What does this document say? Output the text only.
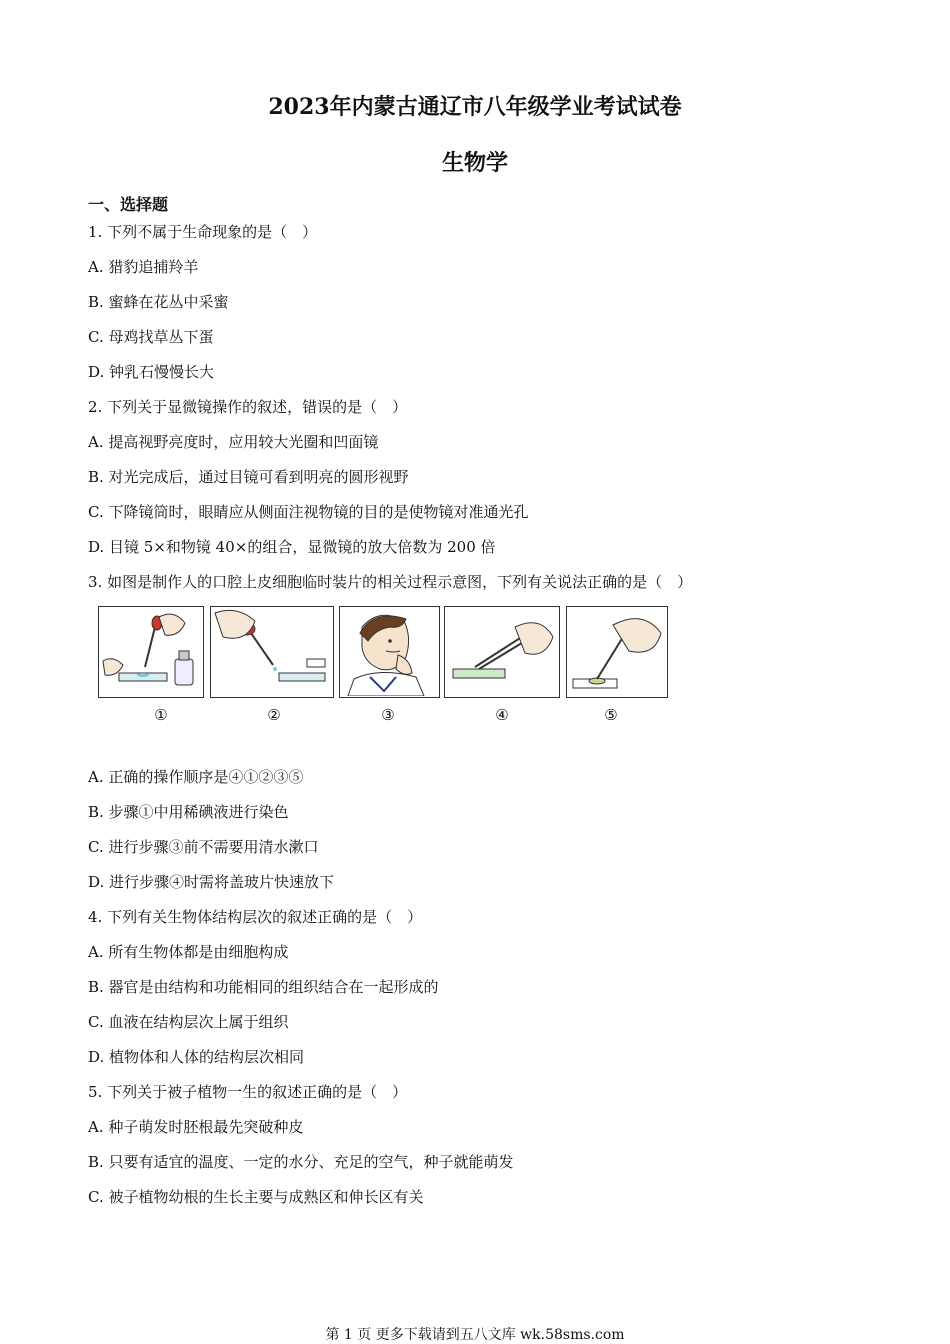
2023年内蒙古通辽市八年级学业考试试卷
生物学
一、选择题
1. 下列不属于生命现象的是（　）
A. 猎豹追捕羚羊
B. 蜜蜂在花丛中采蜜
C. 母鸡找草丛下蛋
D. 钟乳石慢慢长大
2. 下列关于显微镜操作的叙述，错误的是（　）
A. 提高视野亮度时，应用较大光圈和凹面镜
B. 对光完成后，通过目镜可看到明亮的圆形视野
C. 下降镜筒时，眼睛应从侧面注视物镜的目的是使物镜对准通光孔
D. 目镜 5×和物镜 40×的组合，显微镜的放大倍数为 200 倍
3. 如图是制作人的口腔上皮细胞临时装片的相关过程示意图，下列有关说法正确的是（　）
①	②	③	④	⑤
A. 正确的操作顺序是④①②③⑤
B. 步骤①中用稀碘液进行染色
C. 进行步骤③前不需要用清水漱口
D. 进行步骤④时需将盖玻片快速放下
4. 下列有关生物体结构层次的叙述正确的是（　）
A. 所有生物体都是由细胞构成
B. 器官是由结构和功能相同的组织结合在一起形成的
C. 血液在结构层次上属于组织
D. 植物体和人体的结构层次相同
5. 下列关于被子植物一生的叙述正确的是（　）
A. 种子萌发时胚根最先突破种皮
B. 只要有适宜的温度、一定的水分、充足的空气，种子就能萌发
C. 被子植物幼根的生长主要与成熟区和伸长区有关
第 1 页 更多下载请到五八文库 wk.58sms.com
